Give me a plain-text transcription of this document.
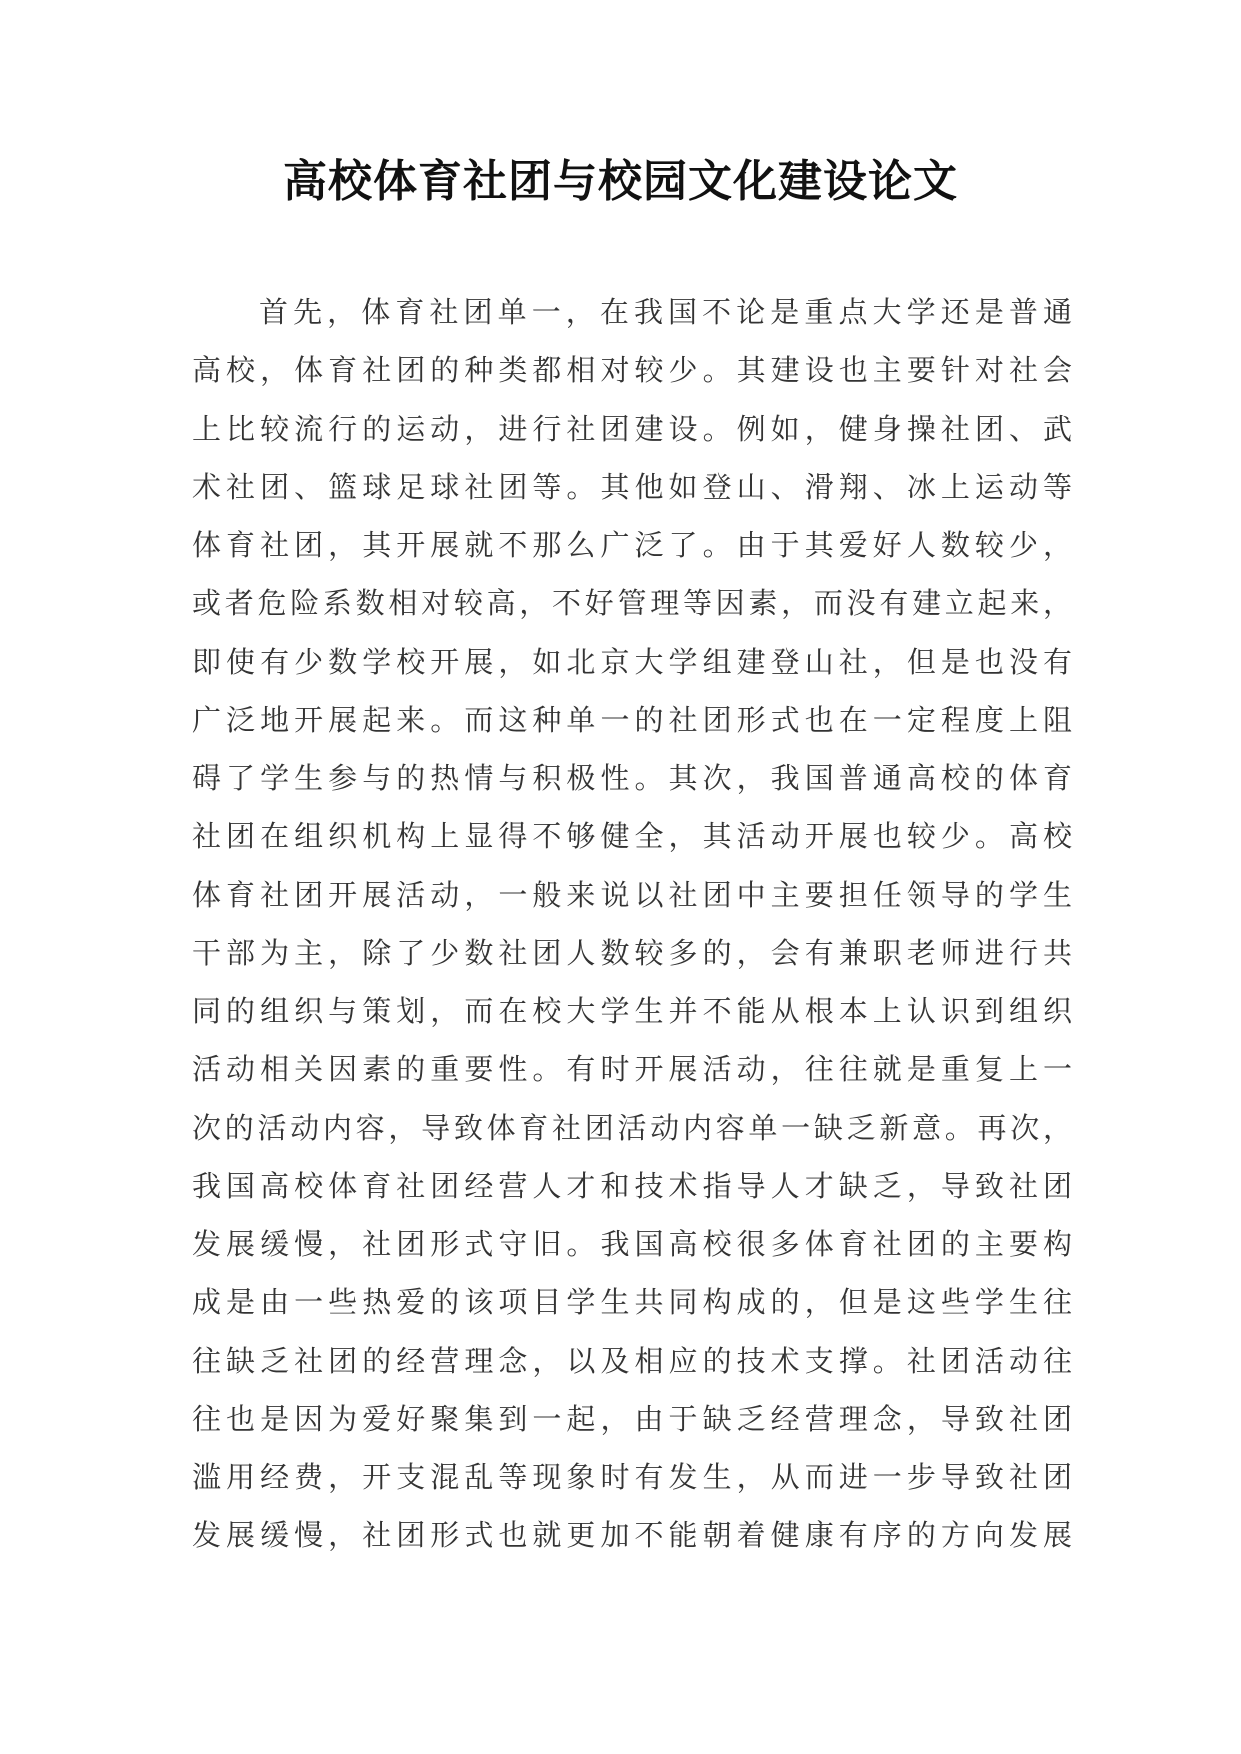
高校体育社团与校园文化建设论文
首先，体育社团单一，在我国不论是重点大学还是普通
高校，体育社团的种类都相对较少。其建设也主要针对社会
上比较流行的运动，进行社团建设。例如，健身操社团、武
术社团、篮球足球社团等。其他如登山、滑翔、冰上运动等
体育社团，其开展就不那么广泛了。由于其爱好人数较少，
或者危险系数相对较高，不好管理等因素，而没有建立起来，
即使有少数学校开展，如北京大学组建登山社，但是也没有
广泛地开展起来。而这种单一的社团形式也在一定程度上阻
碍了学生参与的热情与积极性。其次，我国普通高校的体育
社团在组织机构上显得不够健全，其活动开展也较少。高校
体育社团开展活动，一般来说以社团中主要担任领导的学生
干部为主，除了少数社团人数较多的，会有兼职老师进行共
同的组织与策划，而在校大学生并不能从根本上认识到组织
活动相关因素的重要性。有时开展活动，往往就是重复上一
次的活动内容，导致体育社团活动内容单一缺乏新意。再次，
我国高校体育社团经营人才和技术指导人才缺乏，导致社团
发展缓慢，社团形式守旧。我国高校很多体育社团的主要构
成是由一些热爱的该项目学生共同构成的，但是这些学生往
往缺乏社团的经营理念，以及相应的技术支撑。社团活动往
往也是因为爱好聚集到一起，由于缺乏经营理念，导致社团
滥用经费，开支混乱等现象时有发生，从而进一步导致社团
发展缓慢，社团形式也就更加不能朝着健康有序的方向发展
